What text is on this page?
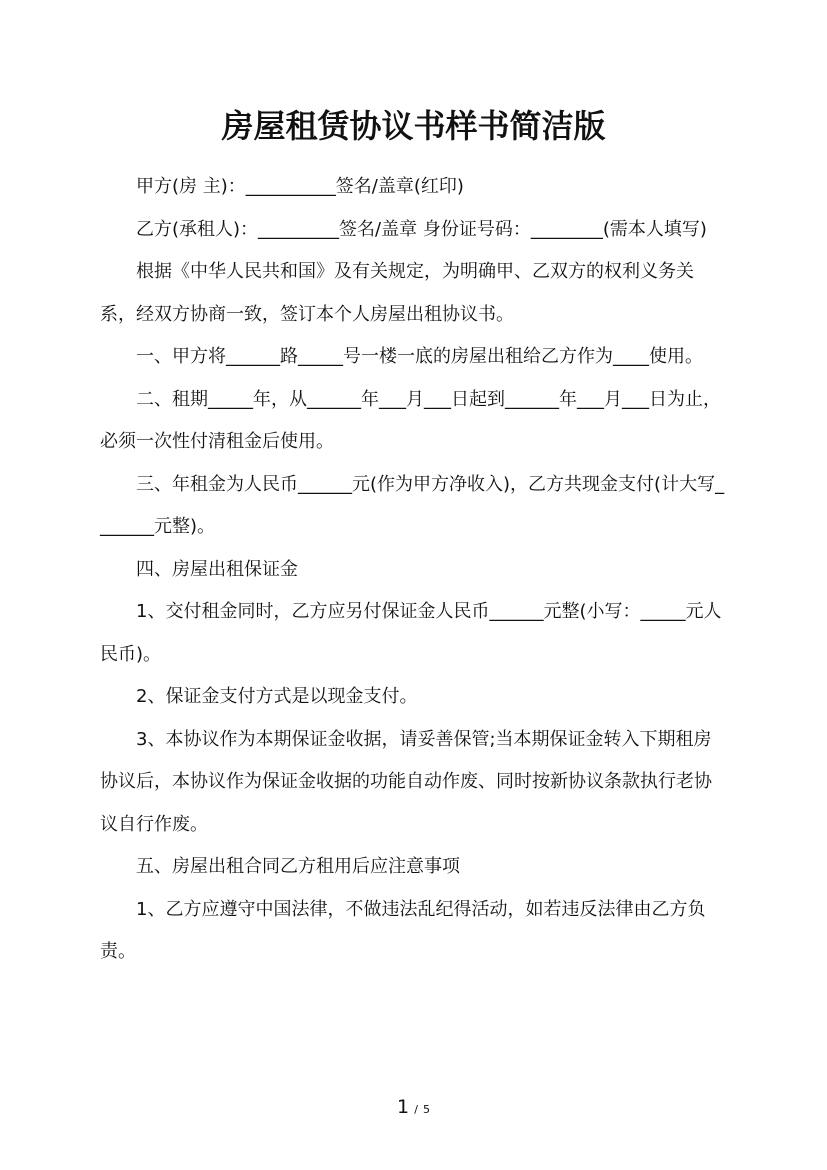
房屋租赁协议书样书简洁版

甲方(房 主)：__________签名/盖章(红印)

乙方(承租人)：_________签名/盖章 身份证号码：________(需本人填写)

根据《中华人民共和国》及有关规定，为明确甲、乙双方的权利义务关系，经双方协商一致，签订本个人房屋出租协议书。

一、甲方将______路_____号一楼一底的房屋出租给乙方作为____使用。

二、租期_____年，从______年___月___日起到______年___月___日为止，必须一次性付清租金后使用。

三、年租金为人民币______元(作为甲方净收入)，乙方共现金支付(计大写_______元整)。

四、房屋出租保证金

1、交付租金同时，乙方应另付保证金人民币______元整(小写：_____元人民币)。

2、保证金支付方式是以现金支付。

3、本协议作为本期保证金收据，请妥善保管;当本期保证金转入下期租房协议后，本协议作为保证金收据的功能自动作废、同时按新协议条款执行老协议自行作废。

五、房屋出租合同乙方租用后应注意事项

1、乙方应遵守中国法律，不做违法乱纪得活动，如若违反法律由乙方负责。

1 / 5
